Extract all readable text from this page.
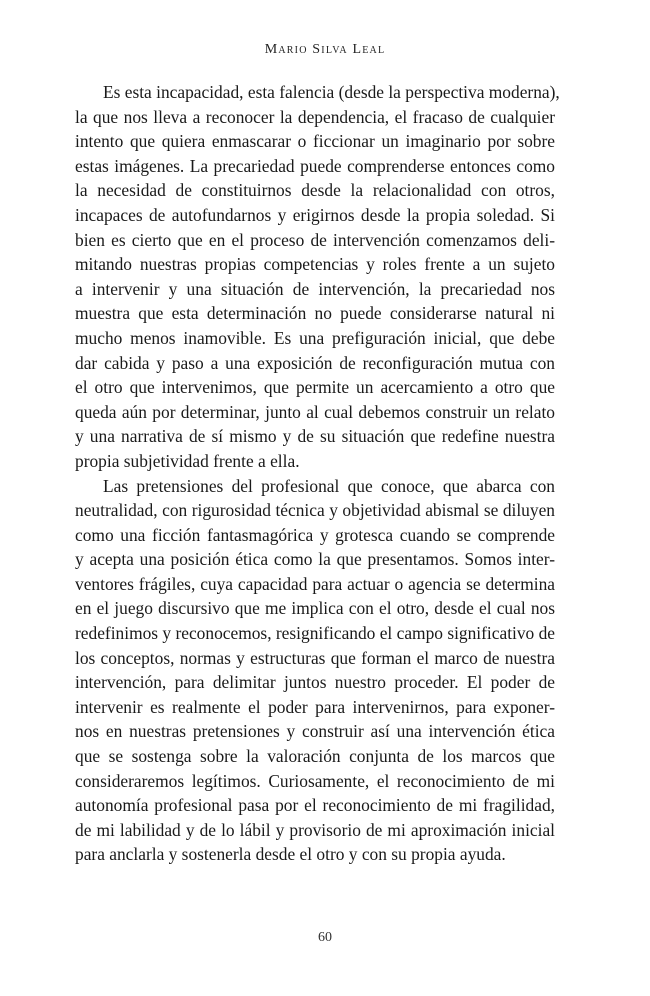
Mario Silva Leal
Es esta incapacidad, esta falencia (desde la perspectiva moderna),
la que nos lleva a reconocer la dependencia, el fracaso de cualquier
intento que quiera enmascarar o ficcionar un imaginario por sobre
estas imágenes. La precariedad puede comprenderse entonces como
la necesidad de constituirnos desde la relacionalidad con otros,
incapaces de autofundarnos y erigirnos desde la propia soledad. Si
bien es cierto que en el proceso de intervención comenzamos deli-
mitando nuestras propias competencias y roles frente a un sujeto
a intervenir y una situación de intervención, la precariedad nos
muestra que esta determinación no puede considerarse natural ni
mucho menos inamovible. Es una prefiguración inicial, que debe
dar cabida y paso a una exposición de reconfiguración mutua con
el otro que intervenimos, que permite un acercamiento a otro que
queda aún por determinar, junto al cual debemos construir un relato
y una narrativa de sí mismo y de su situación que redefine nuestra
propia subjetividad frente a ella.
Las pretensiones del profesional que conoce, que abarca con
neutralidad, con rigurosidad técnica y objetividad abismal se diluyen
como una ficción fantasmagórica y grotesca cuando se comprende
y acepta una posición ética como la que presentamos. Somos inter-
ventores frágiles, cuya capacidad para actuar o agencia se determina
en el juego discursivo que me implica con el otro, desde el cual nos
redefinimos y reconocemos, resignificando el campo significativo de
los conceptos, normas y estructuras que forman el marco de nuestra
intervención, para delimitar juntos nuestro proceder. El poder de
intervenir es realmente el poder para intervenirnos, para exponer-
nos en nuestras pretensiones y construir así una intervención ética
que se sostenga sobre la valoración conjunta de los marcos que
consideraremos legítimos. Curiosamente, el reconocimiento de mi
autonomía profesional pasa por el reconocimiento de mi fragilidad,
de mi labilidad y de lo lábil y provisorio de mi aproximación inicial
para anclarla y sostenerla desde el otro y con su propia ayuda.
60
